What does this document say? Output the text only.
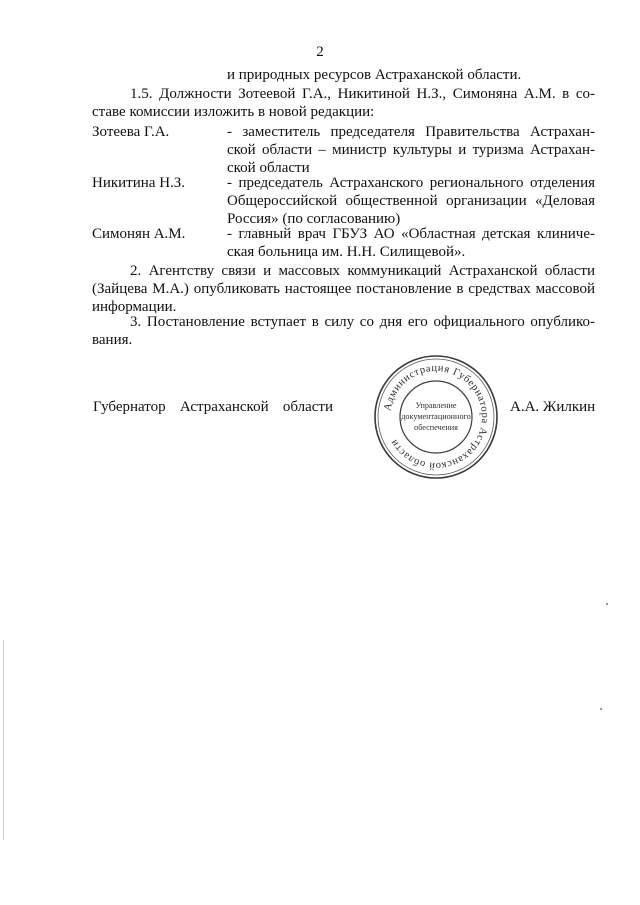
2
и природных ресурсов Астраханской области.
1.5. Должности Зотеевой Г.А., Никитиной Н.З., Симоняна А.М. в со-
ставе комиссии изложить в новой редакции:
Зотеева Г.А.	- заместитель председателя Правительства Астрахан-
ской области – министр культуры и туризма Астрахан-
ской области
Никитина Н.З.	- председатель Астраханского регионального отделения
Общероссийской общественной организации «Деловая
Россия» (по согласованию)
Симонян А.М.	- главный врач ГБУЗ АО «Областная детская клиниче-
ская больница им. Н.Н. Силищевой».
2. Агентству связи и массовых коммуникаций Астраханской области
(Зайцева М.А.) опубликовать настоящее постановление в средствах массовой
информации.
3. Постановление вступает в силу со дня его официального опублико-
вания.
Губернатор Астраханской области	Администрация Губернатора Астраханской области
Управление
документационного
обеспечения
А.А. Жилкин
